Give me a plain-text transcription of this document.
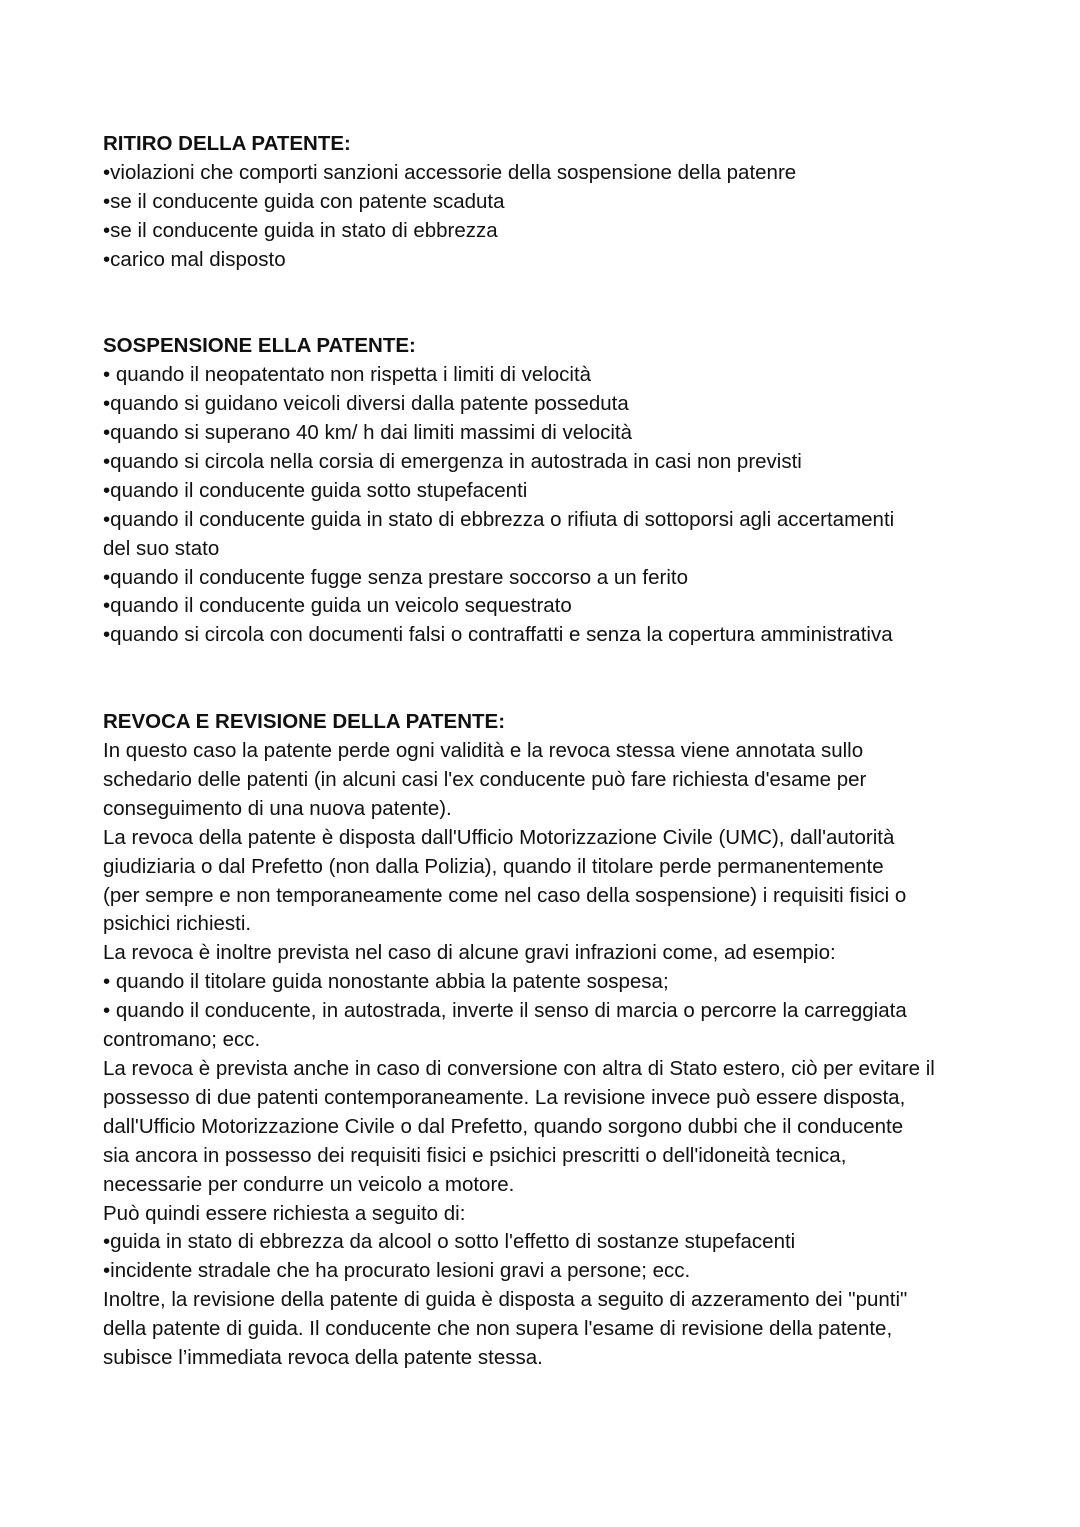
RITIRO DELLA PATENTE:

•violazioni che comporti sanzioni accessorie della sospensione della patenre

•se il conducente guida con patente scaduta

•se il conducente guida in stato di ebbrezza

•carico mal disposto

SOSPENSIONE ELLA PATENTE:

• quando il neopatentato non rispetta i limiti di velocità

•quando si guidano veicoli diversi dalla patente posseduta

•quando si superano 40 km/ h dai limiti massimi di velocità

•quando si circola nella corsia di emergenza in autostrada in casi non previsti

•quando il conducente guida sotto stupefacenti

•quando il conducente guida in stato di ebbrezza o rifiuta di sottoporsi agli accertamenti

del suo stato

•quando il conducente fugge senza prestare soccorso a un ferito

•quando il conducente guida un veicolo sequestrato

•quando si circola con documenti falsi o contraffatti e senza la copertura amministrativa

REVOCA E REVISIONE DELLA PATENTE:

In questo caso la patente perde ogni validità e la revoca stessa viene annotata sullo

schedario delle patenti (in alcuni casi l'ex conducente può fare richiesta d'esame per

conseguimento di una nuova patente).

La revoca della patente è disposta dall'Ufficio Motorizzazione Civile (UMC), dall'autorità

giudiziaria o dal Prefetto (non dalla Polizia), quando il titolare perde permanentemente

(per sempre e non temporaneamente come nel caso della sospensione) i requisiti fisici o

psichici richiesti.

La revoca è inoltre prevista nel caso di alcune gravi infrazioni come, ad esempio:

• quando il titolare guida nonostante abbia la patente sospesa;

• quando il conducente, in autostrada, inverte il senso di marcia o percorre la carreggiata

contromano; ecc.

La revoca è prevista anche in caso di conversione con altra di Stato estero, ciò per evitare il

possesso di due patenti contemporaneamente. La revisione invece può essere disposta,

dall'Ufficio Motorizzazione Civile o dal Prefetto, quando sorgono dubbi che il conducente

sia ancora in possesso dei requisiti fisici e psichici prescritti o dell'idoneità tecnica,

necessarie per condurre un veicolo a motore.

Può quindi essere richiesta a seguito di:

•guida in stato di ebbrezza da alcool o sotto l'effetto di sostanze stupefacenti

•incidente stradale che ha procurato lesioni gravi a persone; ecc.

Inoltre, la revisione della patente di guida è disposta a seguito di azzeramento dei "punti"

della patente di guida. Il conducente che non supera l'esame di revisione della patente,

subisce l’immediata revoca della patente stessa.
